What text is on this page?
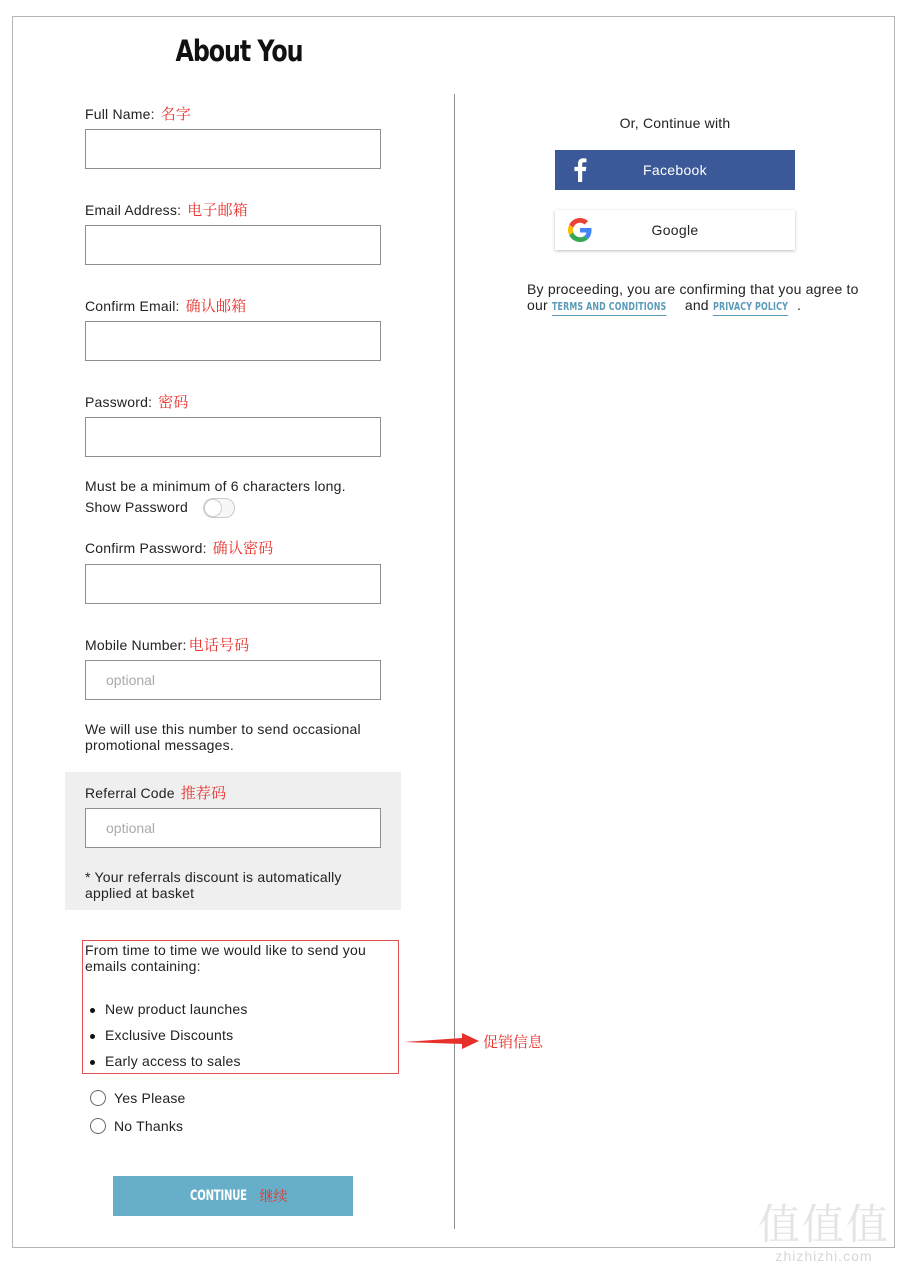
About You
Full Name: 名字
Email Address: 电子邮箱
Confirm Email: 确认邮箱
Password: 密码
Must be a minimum of 6 characters long.
Show Password
Confirm Password: 确认密码
Mobile Number: 电话号码
optional
We will use this number to send occasional promotional messages.
Referral Code 推荐码
optional
* Your referrals discount is automatically applied at basket
From time to time we would like to send you emails containing:
New product launches
Exclusive Discounts
Early access to sales
促销信息
Yes Please
No Thanks
CONTINUE 继续
Or, Continue with
Facebook
Google
By proceeding, you are confirming that you agree to our TERMS AND CONDITIONS and PRIVACY POLICY .
值值值
zhizhizhi.com
